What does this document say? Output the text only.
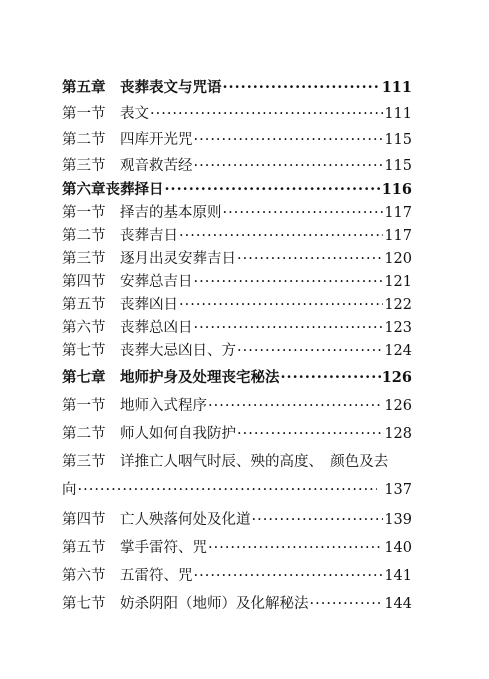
第五章　丧葬表文与咒语 ·····	111
第一节　表文 ·····	111
第二节　四库开光咒 ·····	115
第三节　观音救苦经 ·····	115
第六章丧葬择日 ·····	116
第一节　择吉的基本原则 ·····	117
第二节　丧葬吉日 ·····	117
第三节　逐月出灵安葬吉日 ·····	120
第四节　安葬总吉日 ·····	121
第五节　丧葬凶日 ·····	122
第六节　丧葬总凶日 ·····	123
第七节　丧葬大忌凶日、方 ·····	124
第七章　地师护身及处理丧宅秘法 ·····	126
第一节　地师入式程序 ·····	126
第二节　师人如何自我防护 ·····	128
第三节　详推亡人咽气时辰、殃的高度、　颜色及去
向 ·····	137
第四节　亡人殃落何处及化道 ·····	139
第五节　掌手雷符、咒 ·····	140
第六节　五雷符、咒 ·····	141
第七节　妨杀阴阳（地师）及化解秘法 ·····	144
